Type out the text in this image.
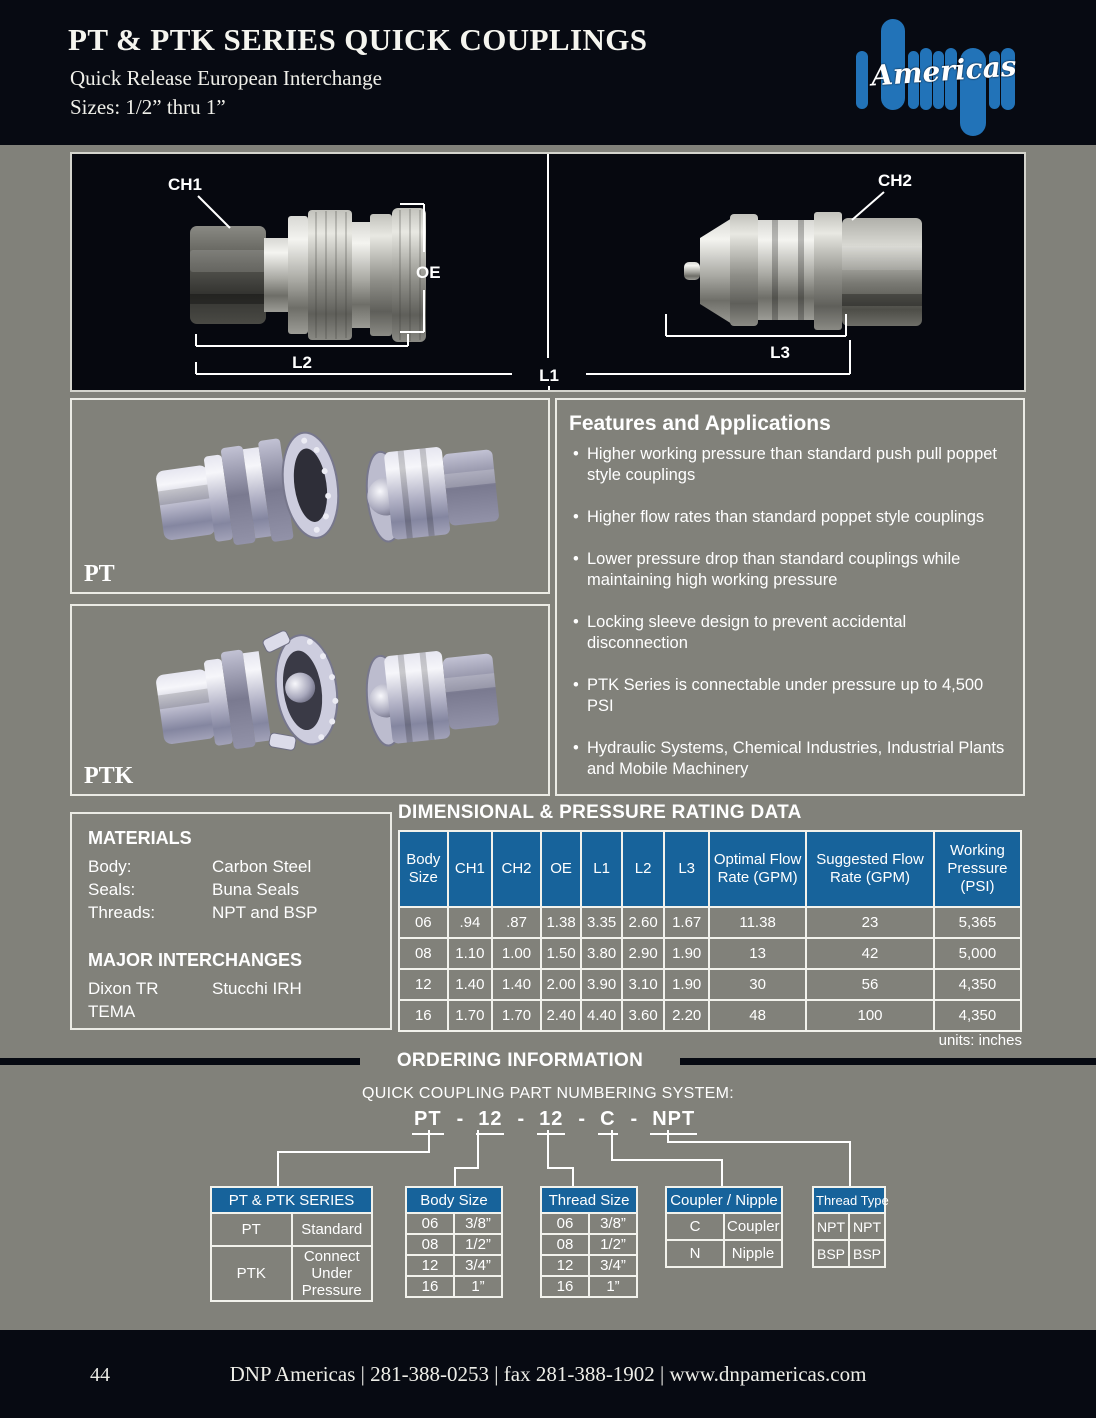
PT & PTK SERIES QUICK COUPLINGS
Quick Release European Interchange
Sizes: 1/2” thru 1”
Americas
CH1
OE
L2
L1
CH2
L3
PT
PTK
Features and Applications
• Higher working pressure than standard push pull poppet style couplings
• Higher flow rates than standard poppet style couplings
• Lower pressure drop than standard couplings while maintaining high working pressure
• Locking sleeve design to prevent accidental disconnection
• PTK Series is connectable under pressure up to 4,500 PSI
• Hydraulic Systems, Chemical Industries, Industrial Plants and Mobile Machinery
MATERIALS
Body:	Carbon Steel
Seals:	Buna Seals
Threads:	NPT and BSP
MAJOR INTERCHANGES
Dixon TR	Stucchi IRH
TEMA
DIMENSIONAL & PRESSURE RATING DATA
Body Size	CH1	CH2	OE	L1	L2	L3	Optimal Flow Rate (GPM)	Suggested Flow Rate (GPM)	Working Pressure (PSI)
06	.94	.87	1.38	3.35	2.60	1.67	11.38	23	5,365
08	1.10	1.00	1.50	3.80	2.90	1.90	13	42	5,000
12	1.40	1.40	2.00	3.90	3.10	1.90	30	56	4,350
16	1.70	1.70	2.40	4.40	3.60	2.20	48	100	4,350
units: inches
ORDERING INFORMATION
QUICK COUPLING PART NUMBERING SYSTEM:
PT - 12 - 12 - C - NPT
PT & PTK SERIES	
PT	Standard
PTK	Connect Under Pressure
Body Size	
06	3/8”
08	1/2”
12	3/4”
16	1”
Thread Size	
06	3/8”
08	1/2”
12	3/4”
16	1”
Coupler / Nipple	
C	Coupler
N	Nipple
Thread Type	
NPT	NPT
BSP	BSP
44	DNP Americas | 281-388-0253 | fax 281-388-1902 | www.dnpamericas.com
